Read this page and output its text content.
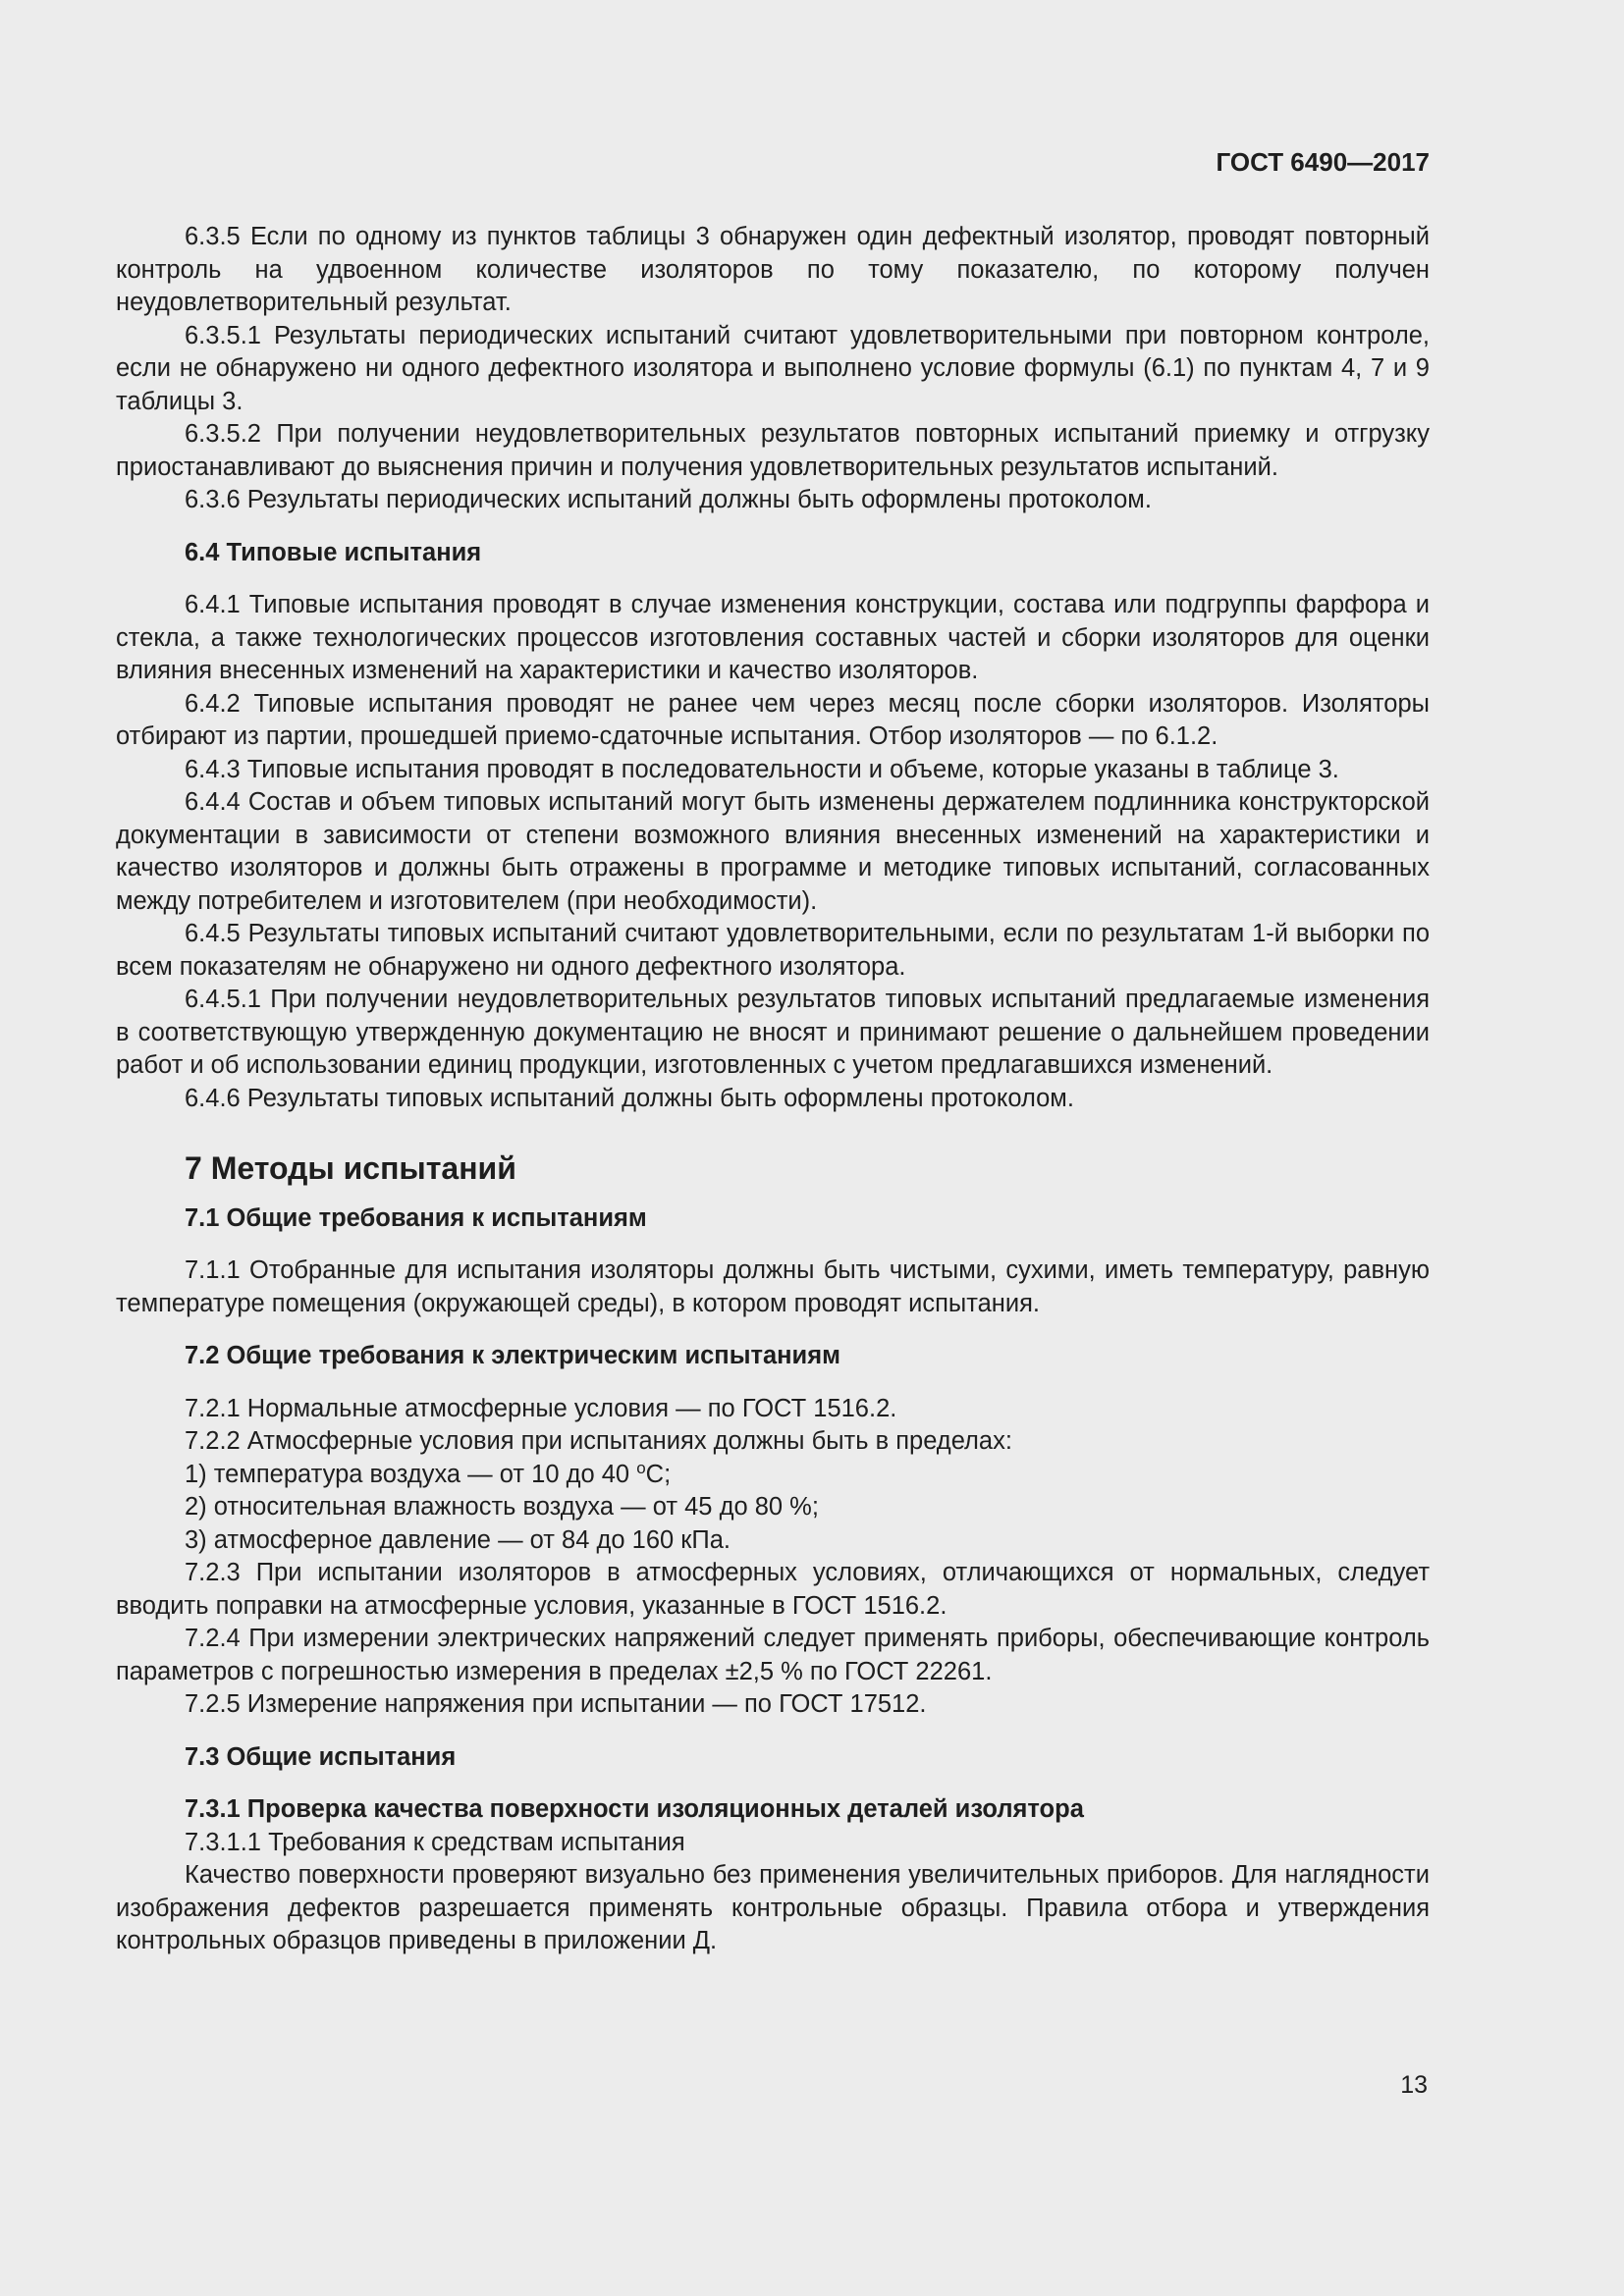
ГОСТ 6490—2017

6.3.5 Если по одному из пунктов таблицы 3 обнаружен один дефектный изолятор, проводят повторный контроль на удвоенном количестве изоляторов по тому показателю, по которому получен неудовлетворительный результат.

6.3.5.1 Результаты периодических испытаний считают удовлетворительными при повторном контроле, если не обнаружено ни одного дефектного изолятора и выполнено условие формулы (6.1) по пунктам 4, 7 и 9 таблицы 3.

6.3.5.2 При получении неудовлетворительных результатов повторных испытаний приемку и отгрузку приостанавливают до выяснения причин и получения удовлетворительных результатов испытаний.

6.3.6 Результаты периодических испытаний должны быть оформлены протоколом.

6.4 Типовые испытания

6.4.1 Типовые испытания проводят в случае изменения конструкции, состава или подгруппы фарфора и стекла, а также технологических процессов изготовления составных частей и сборки изоляторов для оценки влияния внесенных изменений на характеристики и качество изоляторов.

6.4.2 Типовые испытания проводят не ранее чем через месяц после сборки изоляторов. Изоляторы отбирают из партии, прошедшей приемо-сдаточные испытания. Отбор изоляторов — по 6.1.2.

6.4.3 Типовые испытания проводят в последовательности и объеме, которые указаны в таблице 3.

6.4.4 Состав и объем типовых испытаний могут быть изменены держателем подлинника конструкторской документации в зависимости от степени возможного влияния внесенных изменений на характеристики и качество изоляторов и должны быть отражены в программе и методике типовых испытаний, согласованных между потребителем и изготовителем (при необходимости).

6.4.5 Результаты типовых испытаний считают удовлетворительными, если по результатам 1-й выборки по всем показателям не обнаружено ни одного дефектного изолятора.

6.4.5.1 При получении неудовлетворительных результатов типовых испытаний предлагаемые изменения в соответствующую утвержденную документацию не вносят и принимают решение о дальнейшем проведении работ и об использовании единиц продукции, изготовленных с учетом предлагавшихся изменений.

6.4.6 Результаты типовых испытаний должны быть оформлены протоколом.

7 Методы испытаний

7.1 Общие требования к испытаниям

7.1.1 Отобранные для испытания изоляторы должны быть чистыми, сухими, иметь температуру, равную температуре помещения (окружающей среды), в котором проводят испытания.

7.2 Общие требования к электрическим испытаниям

7.2.1 Нормальные атмосферные условия — по ГОСТ 1516.2.

7.2.2 Атмосферные условия при испытаниях должны быть в пределах:

1) температура воздуха — от 10 до 40 $^о$С;

2) относительная влажность воздуха — от 45 до 80 %;

3) атмосферное давление — от 84 до 160 кПа.

7.2.3 При испытании изоляторов в атмосферных условиях, отличающихся от нормальных, следует вводить поправки на атмосферные условия, указанные в ГОСТ 1516.2.

7.2.4 При измерении электрических напряжений следует применять приборы, обеспечивающие контроль параметров с погрешностью измерения в пределах ±2,5 % по ГОСТ 22261.

7.2.5 Измерение напряжения при испытании — по ГОСТ 17512.

7.3 Общие испытания

7.3.1 Проверка качества поверхности изоляционных деталей изолятора

7.3.1.1 Требования к средствам испытания

Качество поверхности проверяют визуально без применения увеличительных приборов. Для наглядности изображения дефектов разрешается применять контрольные образцы. Правила отбора и утверждения контрольных образцов приведены в приложении Д.

13
